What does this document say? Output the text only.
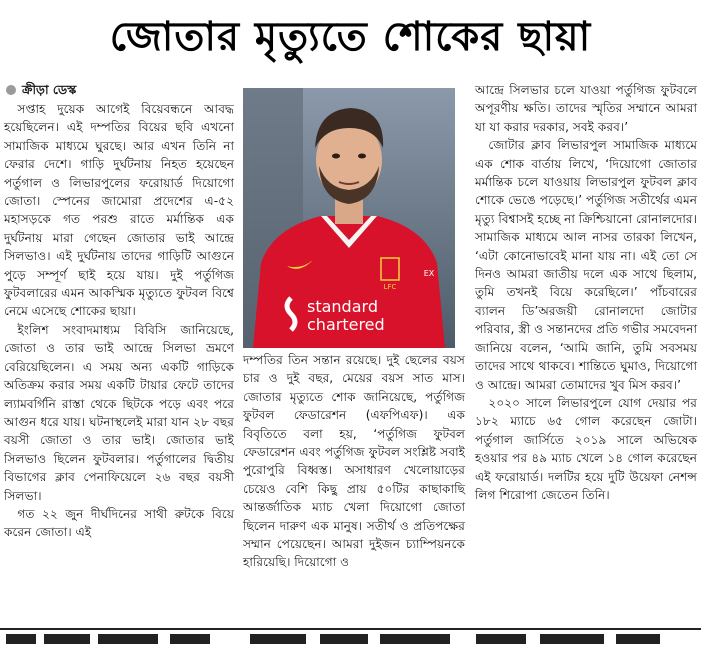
জোতার মৃত্যুতে শোকের ছায়া
ক্রীড়া ডেস্ক

সপ্তাহ দুয়েক আগেই বিয়েবন্ধনে আবদ্ধ হয়েছিলেন। এই দম্পতির বিয়ের ছবি এখনো সামাজিক মাধ্যমে ঘুরছে। আর এখন তিনি না ফেরার দেশে। গাড়ি দুর্ঘটনায় নিহত হয়েছেন পর্তুগাল ও লিভারপুলের ফরোয়ার্ড দিয়োগো জোতা। স্পেনের জামোরা প্রদেশের এ-৫২ মহাসড়কে গত পরশু রাতে মর্মান্তিক এক দুর্ঘটনায় মারা গেছেন জোতার ভাই আন্দ্রে সিলভাও। এই দুর্ঘটনায় তাদের গাড়িটি আগুনে পুড়ে সম্পূর্ণ ছাই হয়ে যায়। দুই পর্তুগিজ ফুটবলারের এমন আকস্মিক মৃত্যুতে ফুটবল বিশ্বে নেমে এসেছে শোকের ছায়া।

ইংলিশ সংবাদমাধ্যম বিবিসি জানিয়েছে, জোতা ও তার ভাই আন্দ্রে সিলভা ভ্রমণে বেরিয়েছিলেন। এ সময় অন্য একটি গাড়িকে অতিক্রম করার সময় একটি টায়ার ফেটে তাদের ল্যামবর্গিনি রাস্তা থেকে ছিটকে পড়ে এবং পরে আগুন ধরে যায়। ঘটনাস্থলেই মারা যান ২৮ বছর বয়সী জোতা ও তার ভাই। জোতার ভাই সিলভাও ছিলেন ফুটবলার। পর্তুগালের দ্বিতীয় বিভাগের ক্লাব পেনাফিয়েলে ২৬ বছর বয়সী সিলভা।

গত ২২ জুন দীর্ঘদিনের সাথী রুটকে বিয়ে করেন জোতা। এই

LFC
EX
standard
chartered

দম্পতির তিন সন্তান রয়েছে। দুই ছেলের বয়স চার ও দুই বছর, মেয়ের বয়স সাত মাস। জোতার মৃত্যুতে শোক জানিয়েছে, পর্তুগিজ ফুটবল ফেডারেশন (এফপিএফ)। এক বিবৃতিতে বলা হয়, ‘পর্তুগিজ ফুটবল ফেডারেশন এবং পর্তুগিজ ফুটবল সংশ্লিষ্ট সবাই পুরোপুরি বিধ্বস্ত। অসাধারণ খেলোয়াড়ের চেয়েও বেশি কিছু প্রায় ৫০টির কাছাকাছি আন্তর্জাতিক ম্যাচ খেলা দিয়োগো জোতা ছিলেন দারুণ এক মানুষ। সতীর্থ ও প্রতিপক্ষের সম্মান পেয়েছেন। আমরা দুইজন চ্যাম্পিয়নকে হারিয়েছি। দিয়োগো ও

আন্দ্রে সিলভার চলে যাওয়া পর্তুগিজ ফুটবলে অপূরণীয় ক্ষতি। তাদের স্মৃতির সম্মানে আমরা যা যা করার দরকার, সবই করব।’

জোটার ক্লাব লিভারপুল সামাজিক মাধ্যমে এক শোক বার্তায় লিখে, ‘দিয়োগো জোতার মর্মান্তিক চলে যাওয়ায় লিভারপুল ফুটবল ক্লাব শোকে ভেঙে পড়েছে।’ পর্তুগিজ সতীর্থের এমন মৃত্যু বিশ্বাসই হচ্ছে না ক্রিশ্চিয়ানো রোনালদোর। সামাজিক মাধ্যমে আল নাসর তারকা লিখেন, ‘এটা কোনোভাবেই মানা যায় না। এই তো সে দিনও আমরা জাতীয় দলে এক সাথে ছিলাম, তুমি তখনই বিয়ে করেছিলে।’ পাঁচবারের ব্যালন ডি’অরজয়ী রোনালদো জোটার পরিবার, স্ত্রী ও সন্তানদের প্রতি গভীর সমবেদনা জানিয়ে বলেন, ‘আমি জানি, তুমি সবসময় তাদের সাথে থাকবে। শান্তিতে ঘুমাও, দিয়োগো ও আন্দ্রে। আমরা তোমাদের খুব মিস করব।’

২০২০ সালে লিভারপুলে যোগ দেয়ার পর ১৮২ ম্যাচে ৬৫ গোল করেছেন জোটা। পর্তুগাল জার্সিতে ২০১৯ সালে অভিষেক হওয়ার পর ৪৯ ম্যাচ খেলে ১৪ গোল করেছেন এই ফরোয়ার্ড। দলটির হয়ে দুটি উয়েফা নেশন্স লিগ শিরোপা জেতেন তিনি।
